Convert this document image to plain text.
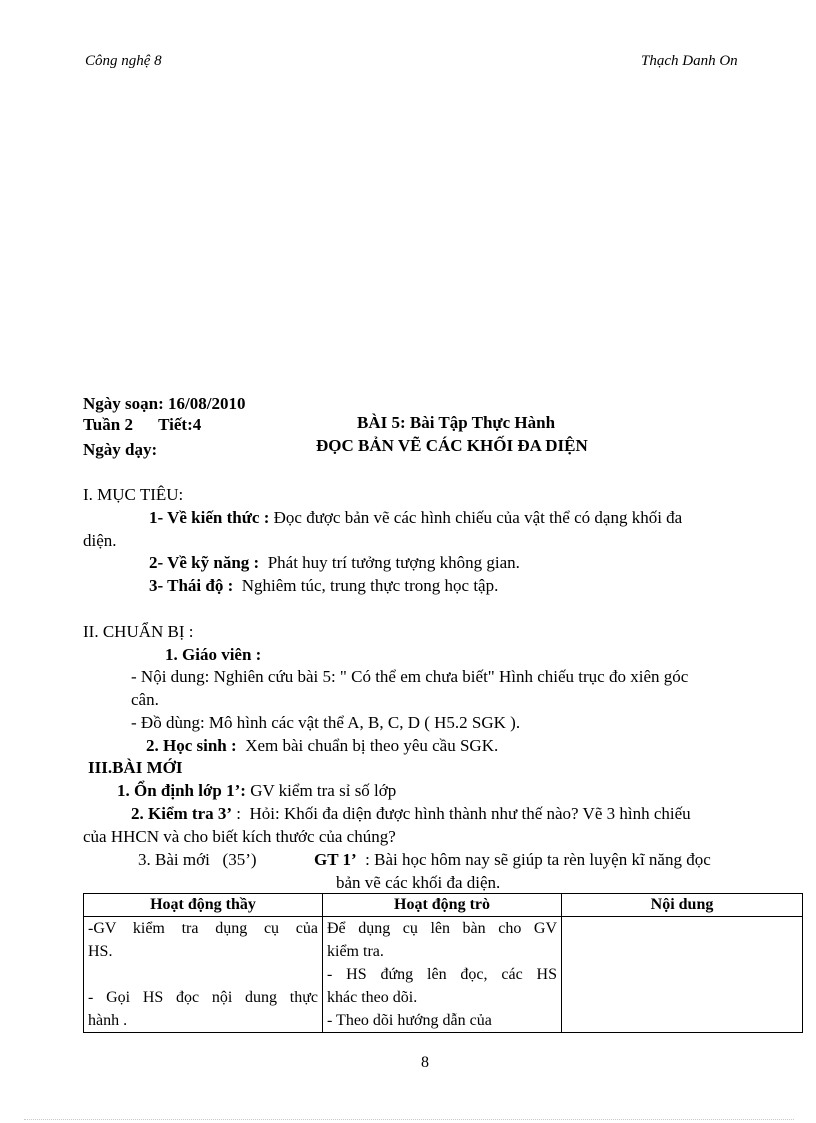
Công nghệ 8	Thạch Danh On
Ngày soạn: 16/08/2010
Tuần 2      Tiết:4
Ngày dạy:
BÀI 5: Bài Tập Thực Hành
ĐỌC BẢN VẼ CÁC KHỐI ĐA DIỆN
I. MỤC TIÊU:
1- Về kiến thức : Đọc được bản vẽ các hình chiếu của vật thể có dạng khối đa
diện.
2- Về kỹ năng :  Phát huy trí tưởng tượng không gian.
3- Thái độ :  Nghiêm túc, trung thực trong học tập.
II. CHUẨN BỊ :
1. Giáo viên :
- Nội dung: Nghiên cứu bài 5: " Có thể em chưa biết" Hình chiếu trục đo xiên góc
cân.
- Đồ dùng: Mô hình các vật thể A, B, C, D ( H5.2 SGK ).
2. Học sinh :  Xem bài chuẩn bị theo yêu cầu SGK.
III.BÀI MỚI
1. Ổn định lớp 1’: GV kiểm tra sỉ số lớp
2. Kiểm tra 3’ :  Hỏi: Khối đa diện được hình thành như thế nào? Vẽ 3 hình chiếu
của HHCN và cho biết kích thước của chúng?
3. Bài mới   (35’)	GT 1’  : Bài học hôm nay sẽ giúp ta rèn luyện kĩ năng đọc
bản vẽ các khối đa diện.
Hoạt động thầy	Hoạt động trò	Nội dung

-GV kiểm tra dụng cụ của
HS.
- Gọi HS đọc nội dung thực
hành .	Để dụng cụ lên bàn cho GV
kiểm tra.
- HS đứng lên đọc, các HS
khác theo dõi.
- Theo dõi hướng dẫn của	

8
